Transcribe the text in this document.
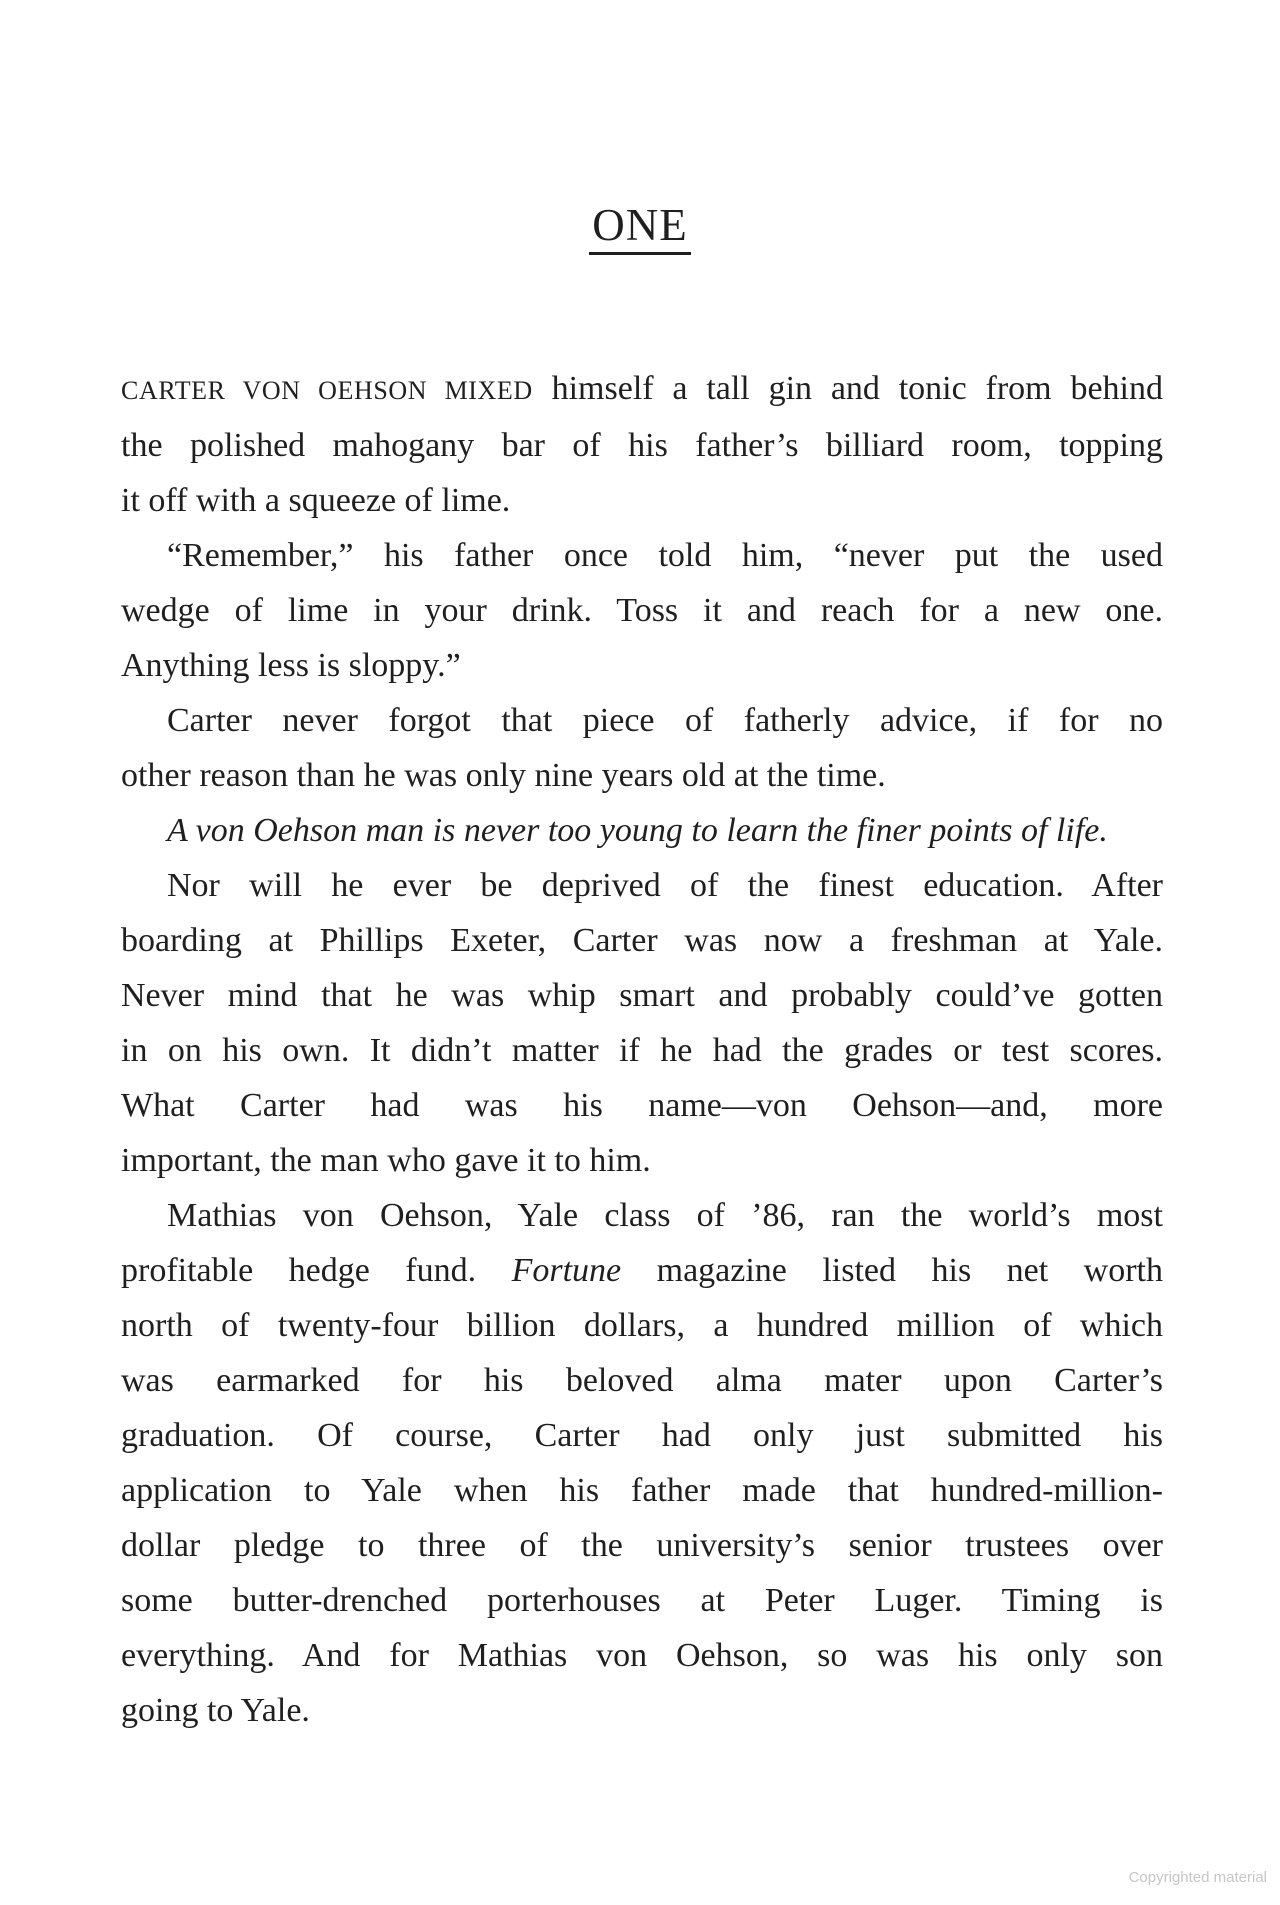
ONE
CARTER VON OEHSON MIXED himself a tall gin and tonic from behind
the polished mahogany bar of his father’s billiard room, topping
it off with a squeeze of lime.
“Remember,” his father once told him, “never put the used
wedge of lime in your drink. Toss it and reach for a new one.
Anything less is sloppy.”
Carter never forgot that piece of fatherly advice, if for no
other reason than he was only nine years old at the time.
A von Oehson man is never too young to learn the finer points of life.
Nor will he ever be deprived of the finest education. After
boarding at Phillips Exeter, Carter was now a freshman at Yale.
Never mind that he was whip smart and probably could’ve gotten
in on his own. It didn’t matter if he had the grades or test scores.
What Carter had was his name—von Oehson—and, more
important, the man who gave it to him.
Mathias von Oehson, Yale class of ’86, ran the world’s most
profitable hedge fund. Fortune magazine listed his net worth
north of twenty-four billion dollars, a hundred million of which
was earmarked for his beloved alma mater upon Carter’s
graduation. Of course, Carter had only just submitted his
application to Yale when his father made that hundred-million-
dollar pledge to three of the university’s senior trustees over
some butter-drenched porterhouses at Peter Luger. Timing is
everything. And for Mathias von Oehson, so was his only son
going to Yale.
Copyrighted material
